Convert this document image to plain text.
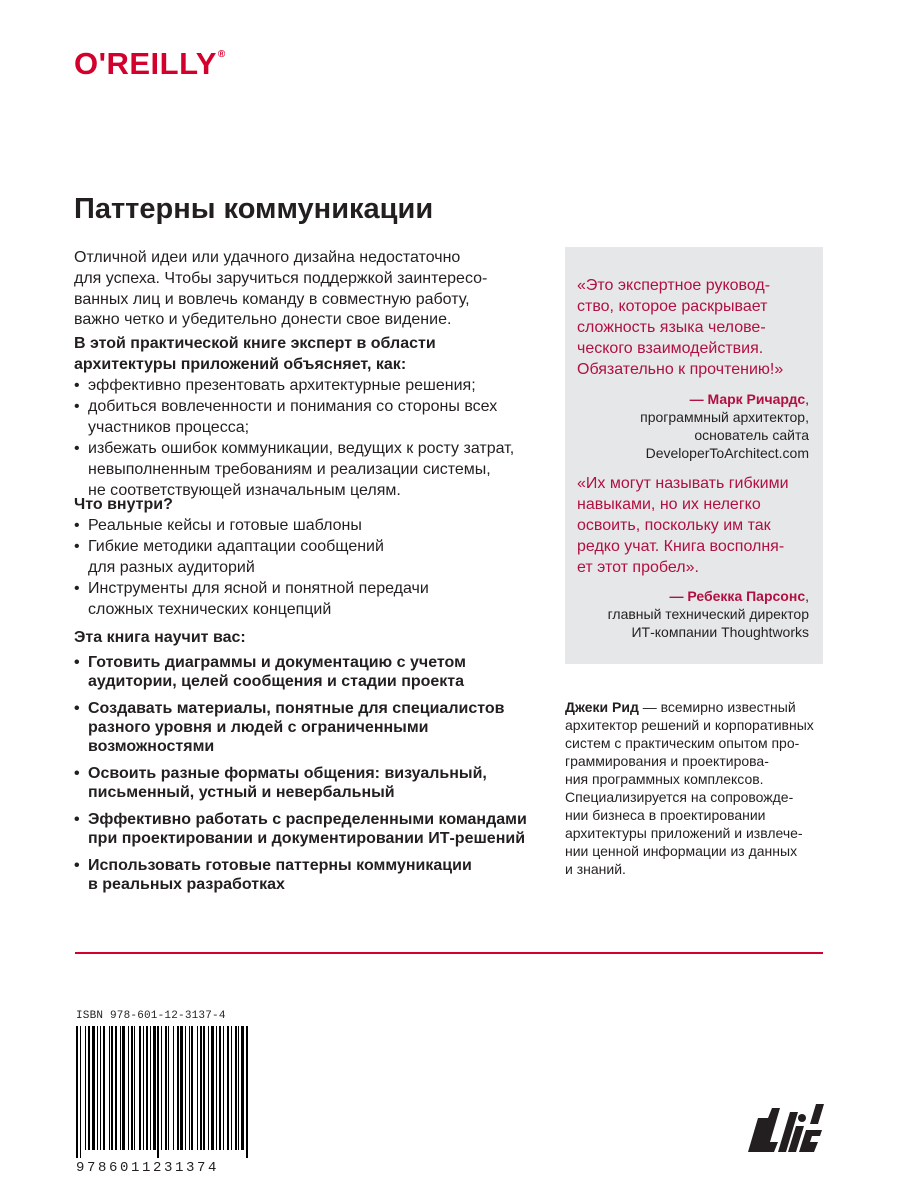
O'REILLY®
Паттерны коммуникации

Отличной идеи или удачного дизайна недостаточно

для успеха. Чтобы заручиться поддержкой заинтересо-

ванных лиц и вовлечь команду в совместную работу,

важно четко и убедительно донести свое видение.

В этой практической книге эксперт в области
архитектуры приложений объясняет, как:
• эффективно презентовать архитектурные решения;
• добиться вовлеченности и понимания со стороны всех
участников процесса;
• избежать ошибок коммуникации, ведущих к росту затрат,
невыполненным требованиям и реализации системы,
не соответствующей изначальным целям.
Что внутри?
• Реальные кейсы и готовые шаблоны
• Гибкие методики адаптации сообщений
для разных аудиторий
• Инструменты для ясной и понятной передачи
сложных технических концепций
Эта книга научит вас:
• Готовить диаграммы и документацию с учетом
аудитории, целей сообщения и стадии проекта
• Создавать материалы, понятные для специалистов
разного уровня и людей с ограниченными
возможностями
• Освоить разные форматы общения: визуальный,
письменный, устный и невербальный
• Эффективно работать с распределенными командами
при проектировании и документировании ИТ-решений
• Использовать готовые паттерны коммуникации
в реальных разработках

«Это экспертное руковод-

ство, которое раскрывает

сложность языка челове-

ческого взаимодействия.

Обязательно к прочтению!»

— Марк Ричардс,
программный архитектор,
основатель сайта
DeveloperToArchitect.com

«Их могут называть гибкими

навыками, но их нелегко

освоить, поскольку им так

редко учат. Книга восполня-

ет этот пробел».

— Ребекка Парсонс,
главный технический директор
ИТ-компании Thoughtworks

Джеки Рид — всемирно известный

архитектор решений и корпоративных

систем с практическим опытом про-

граммирования и проектирова-

ния программных комплексов.

Специализируется на сопровожде-

нии бизнеса в проектировании

архитектуры приложений и извлече-

нии ценной информации из данных

и знаний.

ISBN 978-601-12-3137-4
9786011231374
